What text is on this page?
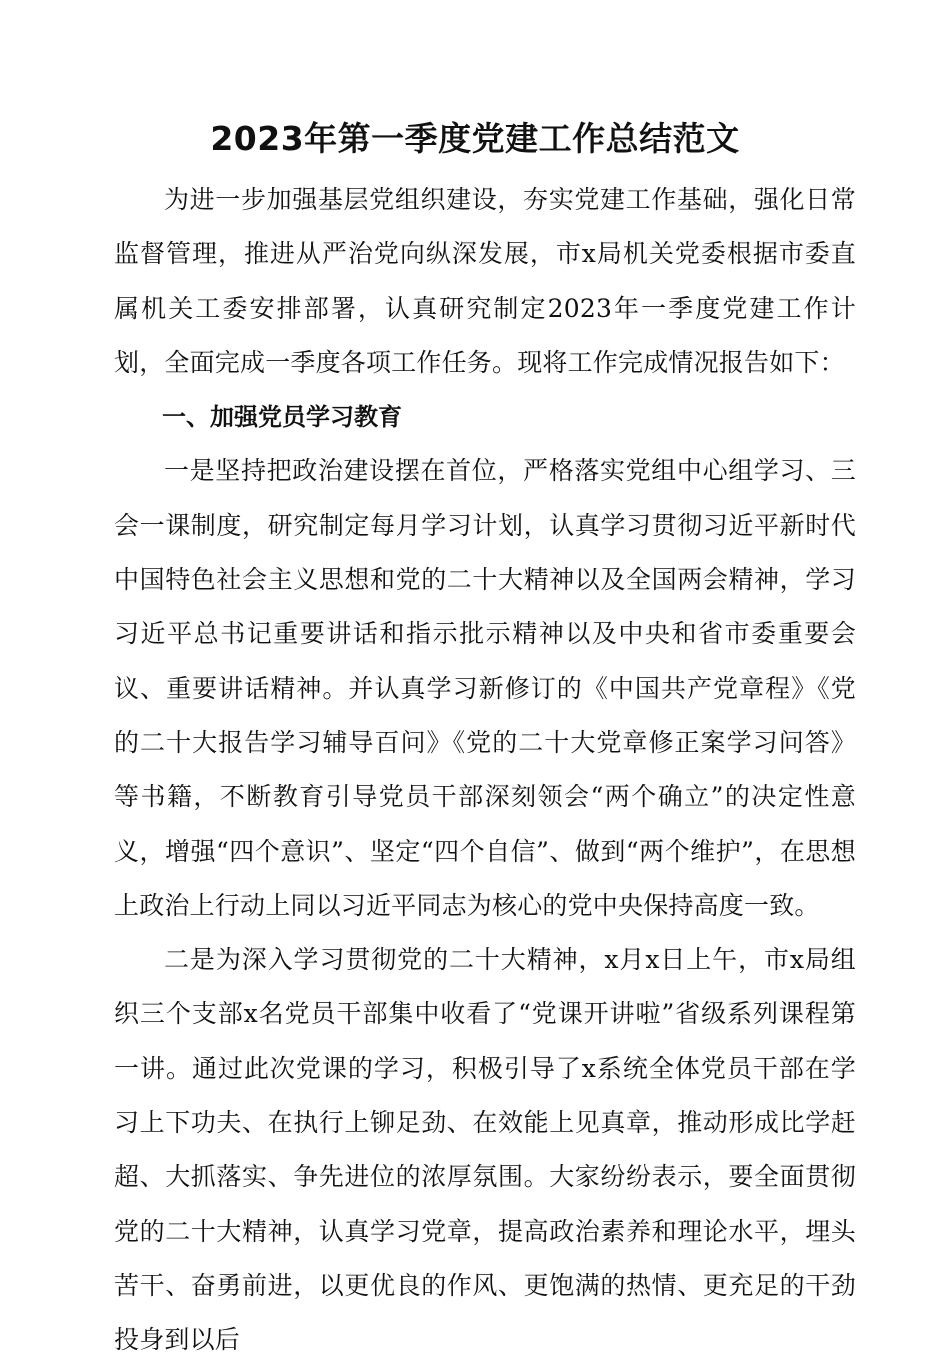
2023年第一季度党建工作总结范文

为进一步加强基层党组织建设，夯实党建工作基础，强化日常监督管理，推进从严治党向纵深发展，市x局机关党委根据市委直属机关工委安排部署，认真研究制定2023年一季度党建工作计划，全面完成一季度各项工作任务。现将工作完成情况报告如下：

一、加强党员学习教育

一是坚持把政治建设摆在首位，严格落实党组中心组学习、三会一课制度，研究制定每月学习计划，认真学习贯彻习近平新时代中国特色社会主义思想和党的二十大精神以及全国两会精神，学习习近平总书记重要讲话和指示批示精神以及中央和省市委重要会议、重要讲话精神。并认真学习新修订的《中国共产党章程》《党的二十大报告学习辅导百问》《党的二十大党章修正案学习问答》等书籍，不断教育引导党员干部深刻领会“两个确立”的决定性意义，增强“四个意识”、坚定“四个自信”、做到“两个维护”，在思想上政治上行动上同以习近平同志为核心的党中央保持高度一致。

二是为深入学习贯彻党的二十大精神，x月x日上午，市x局组织三个支部x名党员干部集中收看了“党课开讲啦”省级系列课程第一讲。通过此次党课的学习，积极引导了x系统全体党员干部在学习上下功夫、在执行上铆足劲、在效能上见真章，推动形成比学赶超、大抓落实、争先进位的浓厚氛围。大家纷纷表示，要全面贯彻党的二十大精神，认真学习党章，提高政治素养和理论水平，埋头苦干、奋勇前进，以更优良的作风、更饱满的热情、更充足的干劲投身到以后
